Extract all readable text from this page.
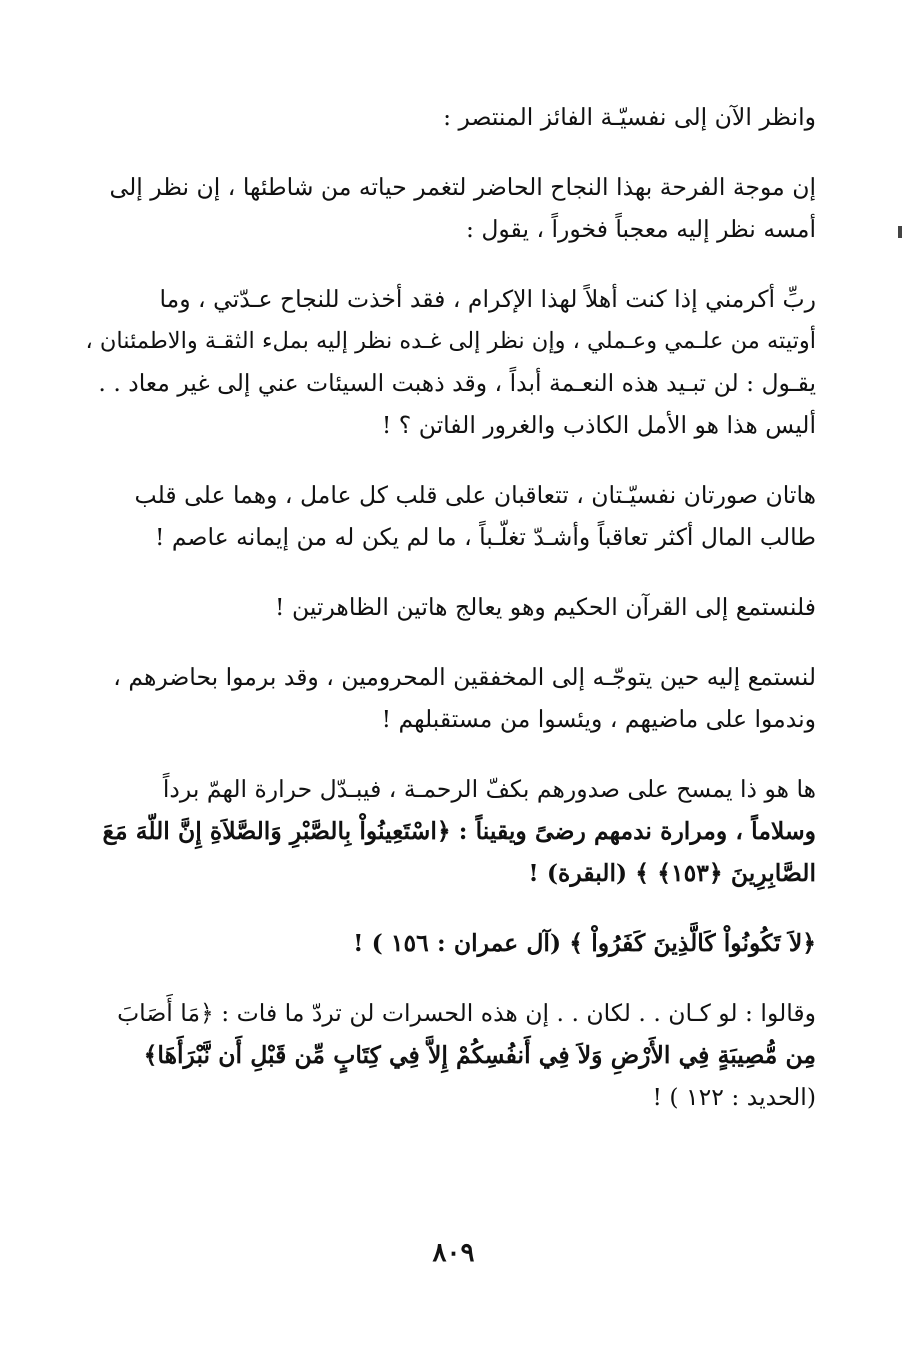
وانظر الآن إلى نفسيّـة الفائز المنتصر :
إن موجة الفرحة بهذا النجاح الحاضر لتغمر حياته من شاطئها ، إن نظر إلى
أمسه نظر إليه معجباً فخوراً ، يقول :
ربِّ أكرمني إذا كنت أهلاً لهذا الإكرام ، فقد أخذت للنجاح عـدّتي ، وما
أوتيته من علـمي وعـملي ، وإن نظر إلى غـده نظر إليه بملء الثقـة والاطمئنان ،
يقـول : لن تبـيد هذه النعـمة أبداً ، وقد ذهبت السيئات عني إلى غير معاد . .
أليس هذا هو الأمل الكاذب والغرور الفاتن ؟ !
هاتان صورتان نفسيّـتان ، تتعاقبان على قلب كل عامل ، وهما على قلب
طالب المال أكثر تعاقباً وأشـدّ تغلّـباً ، ما لم يكن له من إيمانه عاصم !
فلنستمع إلى القرآن الحكيم وهو يعالج هاتين الظاهرتين !
لنستمع إليه حين يتوجّـه إلى المخفقين المحرومين ، وقد برموا بحاضرهم ،
وندموا على ماضيهم ، ويئسوا من مستقبلهم !
ها هو ذا يمسح على صدورهم بكفّ الرحمـة ، فيبـدّل حرارة الهمّ برداً
وسلاماً ، ومرارة ندمهم رضىً ويقيناً : ﴿اسْتَعِينُواْ بِالصَّبْرِ وَالصَّلاَةِ إِنَّ اللّهَ مَعَ
الصَّابِرِينَ ﴿١٥٣﴾ ﴾ (البقرة) !
﴿لاَ تَكُونُواْ كَالَّذِينَ كَفَرُواْ ﴾ (آل عمران : ١٥٦ ) !
وقالوا : لو كـان . . لكان . . إن هذه الحسرات لن تردّ ما فات : ﴿مَا أَصَابَ
مِن مُّصِيبَةٍ فِي الأَرْضِ وَلاَ فِي أَنفُسِكُمْ إِلاَّ فِي كِتَابٍ مِّن قَبْلِ أَن نَّبْرَأَهَا﴾
(الحديد : ١٢٢ ) !
٨٠٩
